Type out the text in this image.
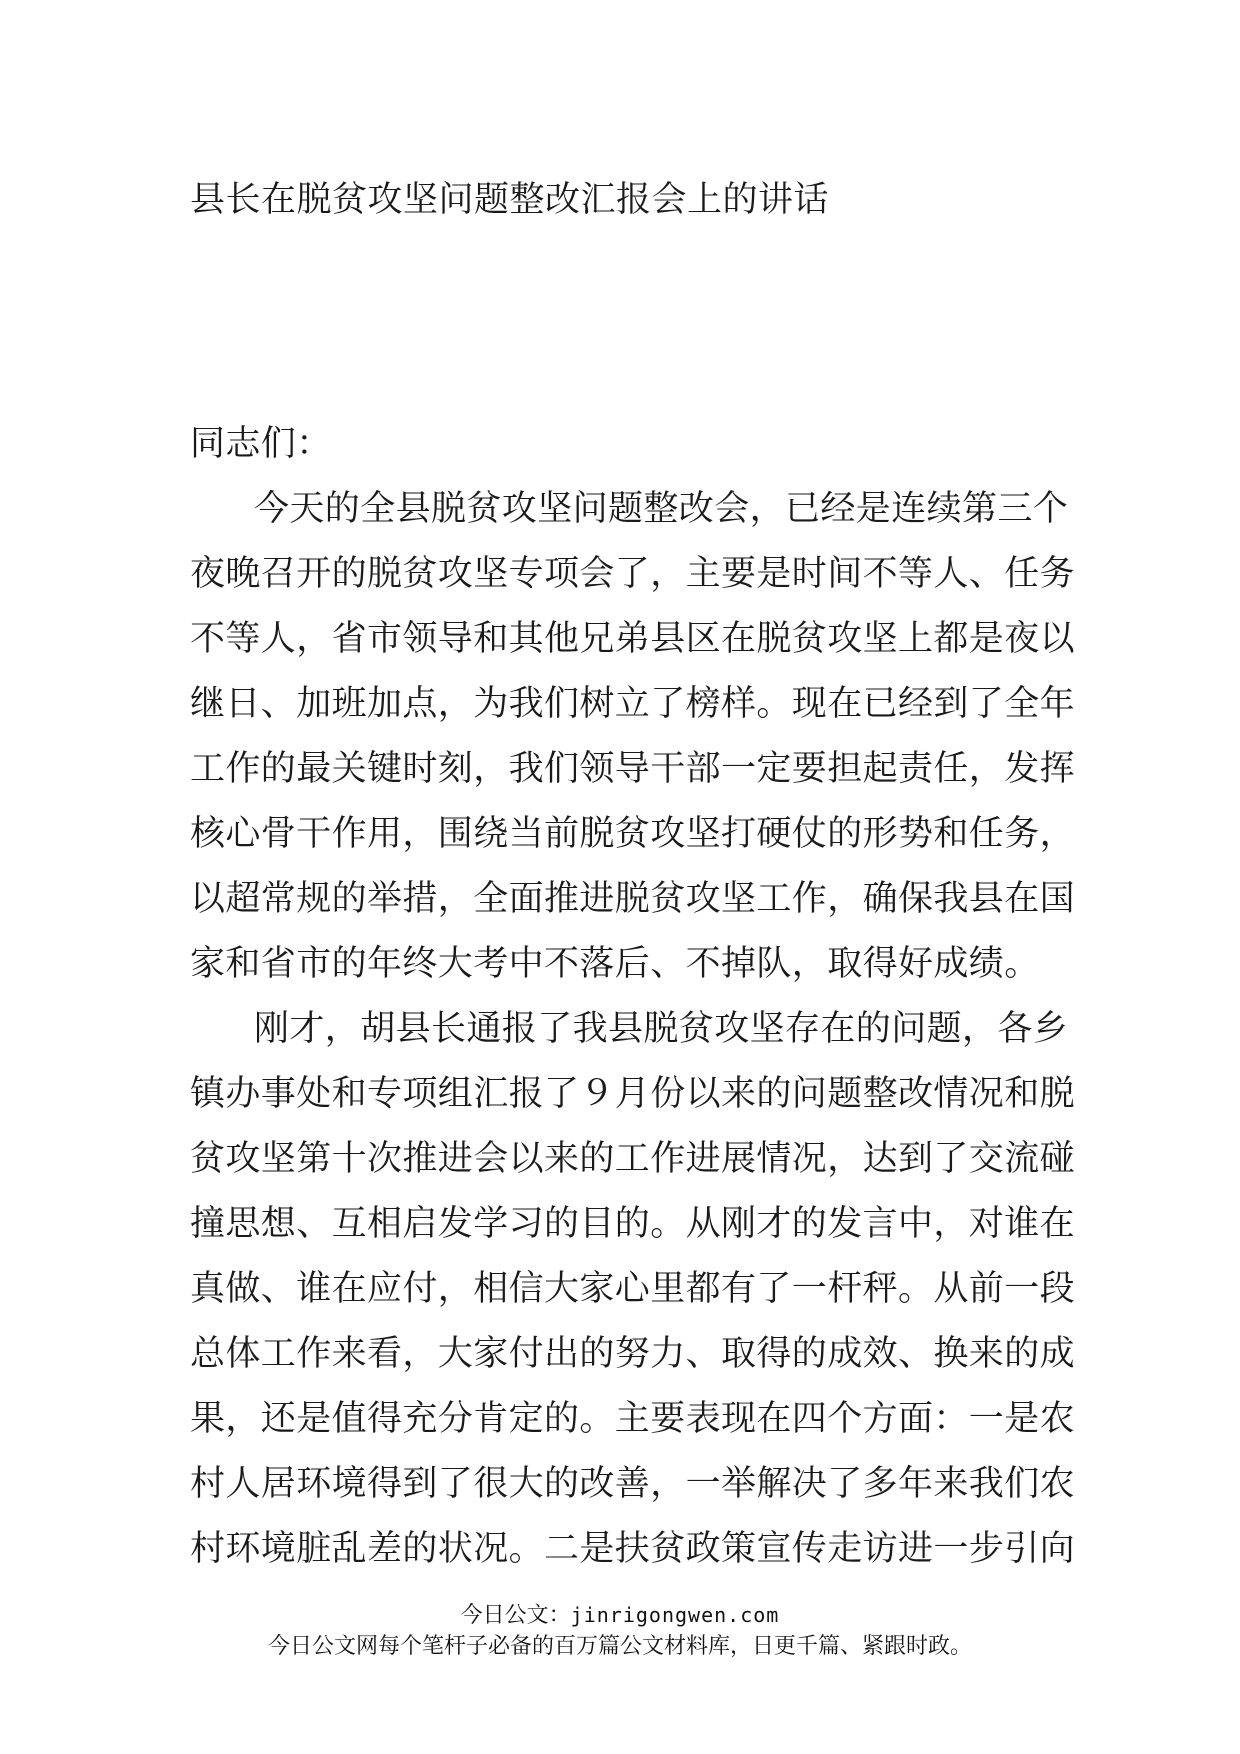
县长在脱贫攻坚问题整改汇报会上的讲话
同志们：
今天的全县脱贫攻坚问题整改会，已经是连续第三个
夜晚召开的脱贫攻坚专项会了，主要是时间不等人、任务
不等人，省市领导和其他兄弟县区在脱贫攻坚上都是夜以
继日、加班加点，为我们树立了榜样。现在已经到了全年
工作的最关键时刻，我们领导干部一定要担起责任，发挥
核心骨干作用，围绕当前脱贫攻坚打硬仗的形势和任务，
以超常规的举措，全面推进脱贫攻坚工作，确保我县在国
家和省市的年终大考中不落后、不掉队，取得好成绩。
刚才，胡县长通报了我县脱贫攻坚存在的问题，各乡
镇办事处和专项组汇报了９月份以来的问题整改情况和脱
贫攻坚第十次推进会以来的工作进展情况，达到了交流碰
撞思想、互相启发学习的目的。从刚才的发言中，对谁在
真做、谁在应付，相信大家心里都有了一杆秤。从前一段
总体工作来看，大家付出的努力、取得的成效、换来的成
果，还是值得充分肯定的。主要表现在四个方面：一是农
村人居环境得到了很大的改善，一举解决了多年来我们农
村环境脏乱差的状况。二是扶贫政策宣传走访进一步引向
今日公文：jinrigongwen.com
今日公文网每个笔杆子必备的百万篇公文材料库，日更千篇、紧跟时政。
